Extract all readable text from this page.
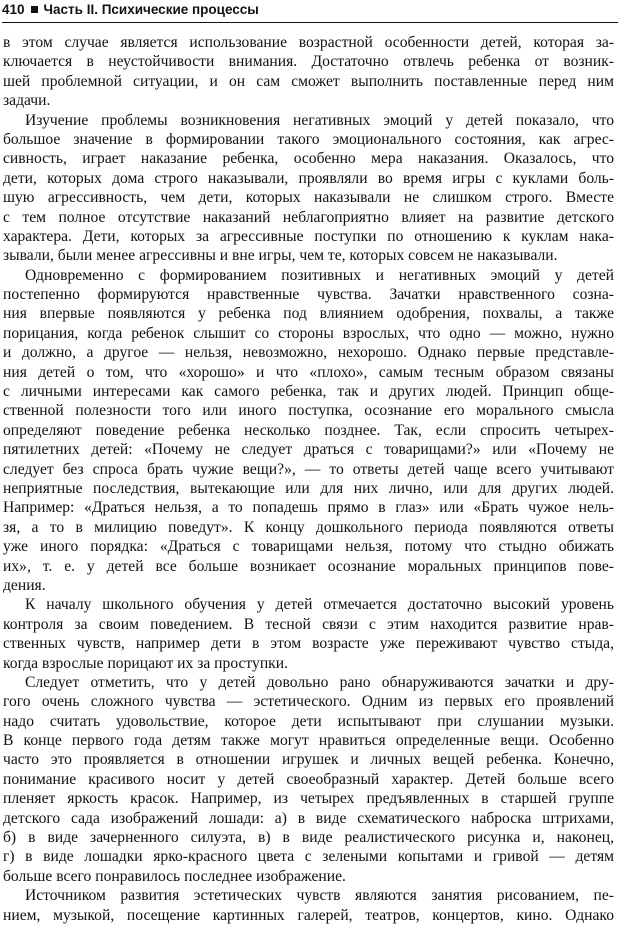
410 Часть II. Психические процессы
в этом случае является использование возрастной особенности детей, которая за-
ключается в неустойчивости внимания. Достаточно отвлечь ребенка от возник-
шей проблемной ситуации, и он сам сможет выполнить поставленные перед ним
задачи.
Изучение проблемы возникновения негативных эмоций у детей показало, что
большое значение в формировании такого эмоционального состояния, как агрес-
сивность, играет наказание ребенка, особенно мера наказания. Оказалось, что
дети, которых дома строго наказывали, проявляли во время игры с куклами боль-
шую агрессивность, чем дети, которых наказывали не слишком строго. Вместе
с тем полное отсутствие наказаний неблагоприятно влияет на развитие детского
характера. Дети, которых за агрессивные поступки по отношению к куклам нака-
зывали, были менее агрессивны и вне игры, чем те, которых совсем не наказывали.
Одновременно с формированием позитивных и негативных эмоций у детей
постепенно формируются нравственные чувства. Зачатки нравственного созна-
ния впервые появляются у ребенка под влиянием одобрения, похвалы, а также
порицания, когда ребенок слышит со стороны взрослых, что одно — можно, нужно
и должно, а другое — нельзя, невозможно, нехорошо. Однако первые представле-
ния детей о том, что «хорошо» и что «плохо», самым тесным образом связаны
с личными интересами как самого ребенка, так и других людей. Принцип обще-
ственной полезности того или иного поступка, осознание его морального смысла
определяют поведение ребенка несколько позднее. Так, если спросить четырех-
пятилетних детей: «Почему не следует драться с товарищами?» или «Почему не
следует без спроса брать чужие вещи?», — то ответы детей чаще всего учитывают
неприятные последствия, вытекающие или для них лично, или для других людей.
Например: «Драться нельзя, а то попадешь прямо в глаз» или «Брать чужое нель-
зя, а то в милицию поведут». К концу дошкольного периода появляются ответы
уже иного порядка: «Драться с товарищами нельзя, потому что стыдно обижать
их», т. е. у детей все больше возникает осознание моральных принципов пове-
дения.
К началу школьного обучения у детей отмечается достаточно высокий уровень
контроля за своим поведением. В тесной связи с этим находится развитие нрав-
ственных чувств, например дети в этом возрасте уже переживают чувство стыда,
когда взрослые порицают их за проступки.
Следует отметить, что у детей довольно рано обнаруживаются зачатки и дру-
гого очень сложного чувства — эстетического. Одним из первых его проявлений
надо считать удовольствие, которое дети испытывают при слушании музыки.
В конце первого года детям также могут нравиться определенные вещи. Особенно
часто это проявляется в отношении игрушек и личных вещей ребенка. Конечно,
понимание красивого носит у детей своеобразный характер. Детей больше всего
пленяет яркость красок. Например, из четырех предъявленных в старшей группе
детского сада изображений лошади: а) в виде схематического наброска штрихами,
б) в виде зачерненного силуэта, в) в виде реалистического рисунка и, наконец,
г) в виде лошадки ярко-красного цвета с зелеными копытами и гривой — детям
больше всего понравилось последнее изображение.
Источником развития эстетических чувств являются занятия рисованием, пе-
нием, музыкой, посещение картинных галерей, театров, концертов, кино. Однако
